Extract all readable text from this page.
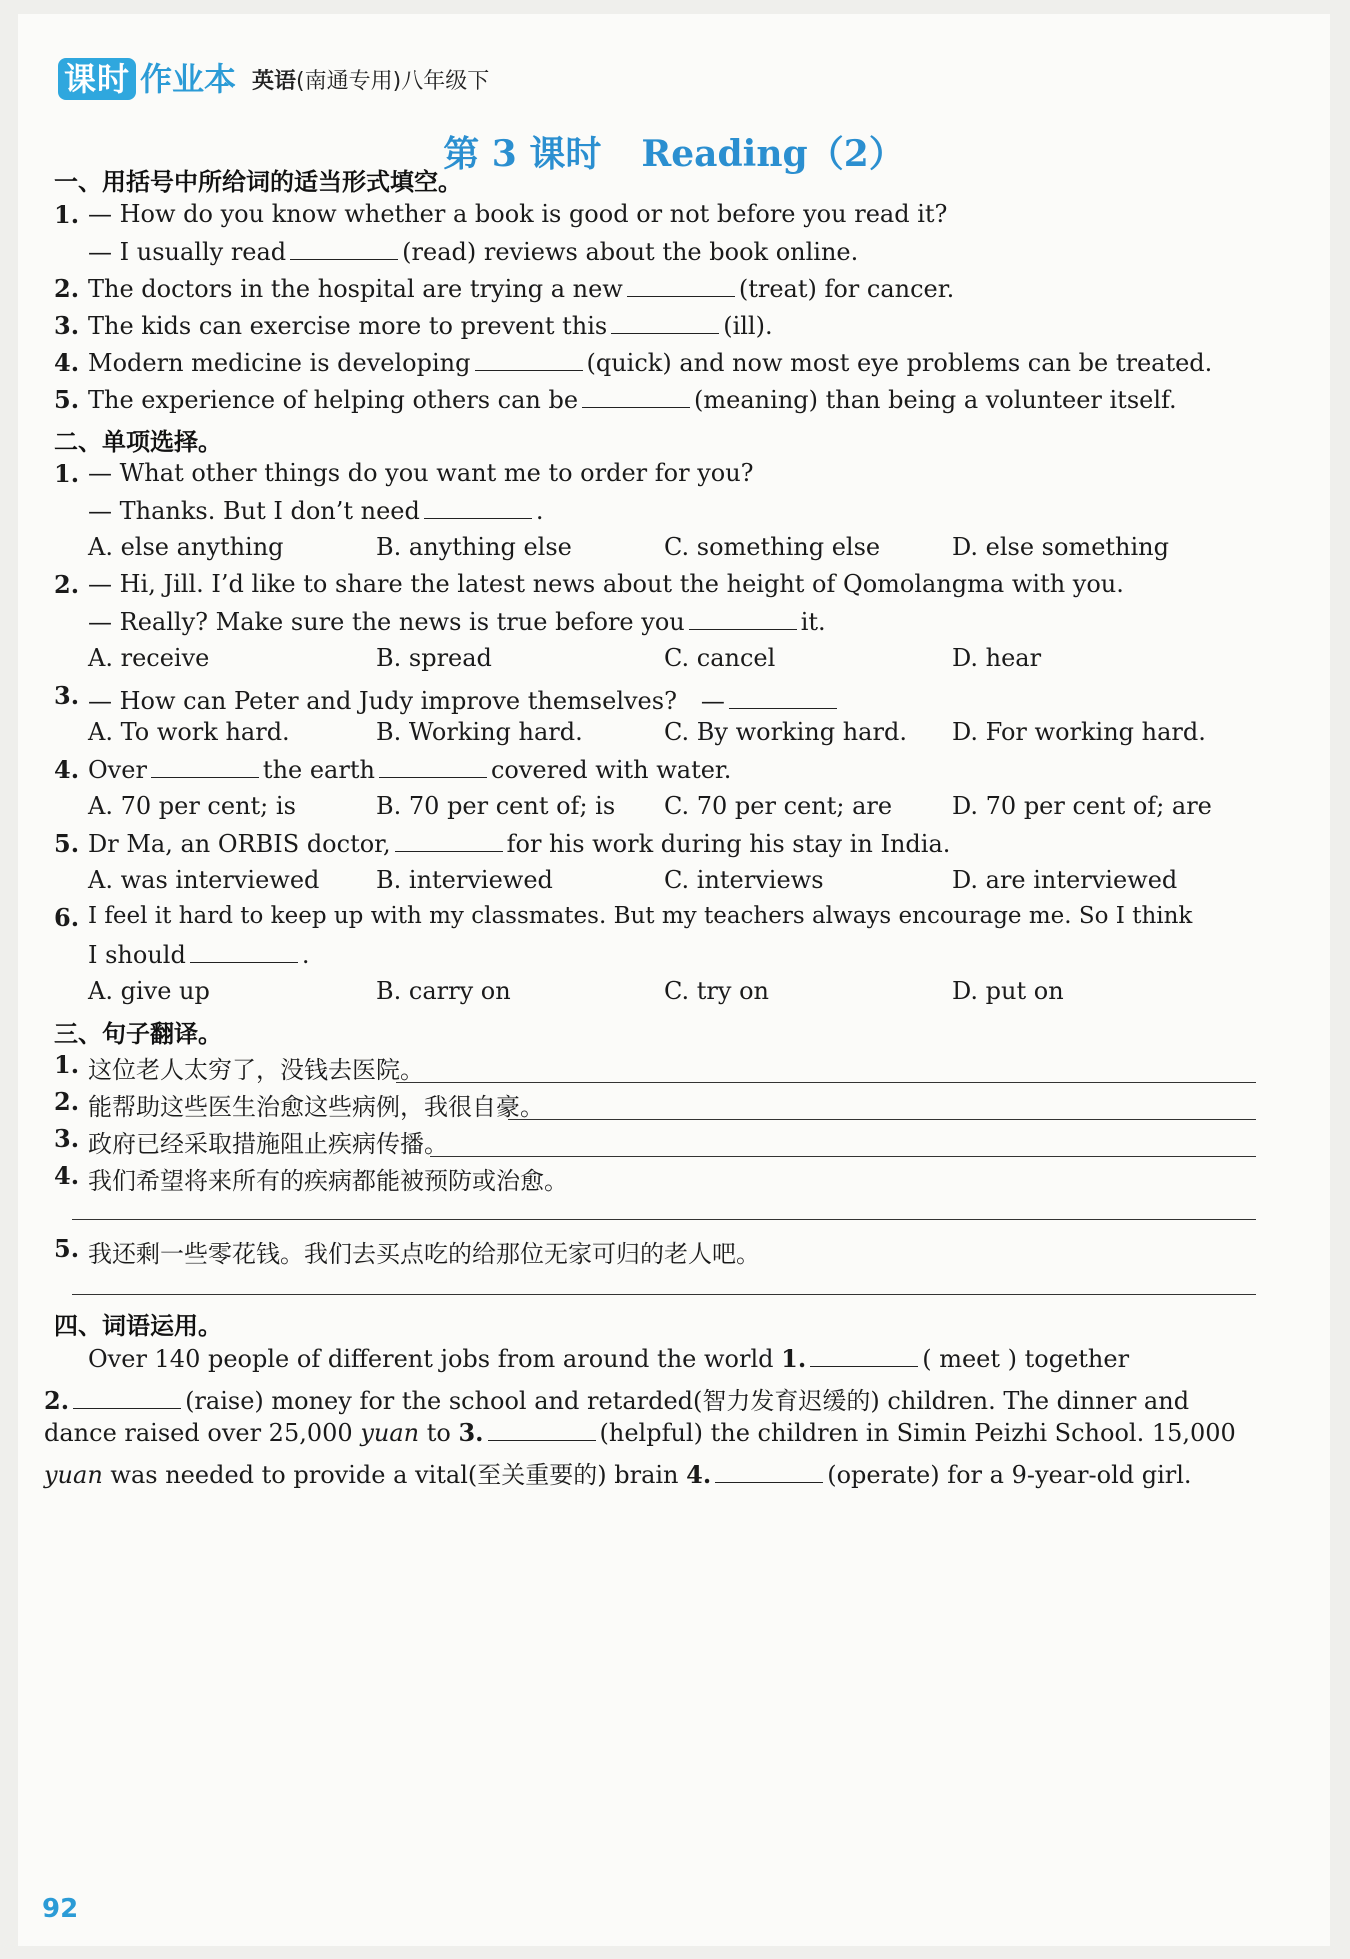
课时 作业本 英语(南通专用)八年级下
第 3 课时 Reading（2）
一、用括号中所给词的适当形式填空。
1. — How do you know whether a book is good or not before you read it?
— I usually read	(read) reviews about the book online.
2. The doctors in the hospital are trying a new	(treat) for cancer.
3. The kids can exercise more to prevent this	(ill).
4. Modern medicine is developing	(quick) and now most eye problems can be treated.
5. The experience of helping others can be	(meaning) than being a volunteer itself.
二、单项选择。
1. — What other things do you want me to order for you?
— Thanks. But I don’t need	.
A. else anything	B. anything else	C. something else	D. else something
2. — Hi, Jill. I’d like to share the latest news about the height of Qomolangma with you.
— Really? Make sure the news is true before you	it.
A. receive	B. spread	C. cancel	D. hear
3. — How can Peter and Judy improve themselves?　—
A. To work hard.	B. Working hard.	C. By working hard. D. For working hard.
4. Over	the earth	covered with water.
A. 70 per cent; is	B. 70 per cent of; is C. 70 per cent; are D. 70 per cent of; are
5. Dr Ma, an ORBIS doctor,	for his work during his stay in India.
A. was interviewed B. interviewed	C. interviews	D. are interviewed
6. I feel it hard to keep up with my classmates. But my teachers always encourage me. So I think
I should	.
A. give up	B. carry on	C. try on	D. put on
三、句子翻译。
1. 这位老人太穷了，没钱去医院。
2. 能帮助这些医生治愈这些病例，我很自豪。
3. 政府已经采取措施阻止疾病传播。
4. 我们希望将来所有的疾病都能被预防或治愈。
5. 我还剩一些零花钱。我们去买点吃的给那位无家可归的老人吧。
四、词语运用。
Over 140 people of different jobs from around the world 1.	( meet ) together
2.	(raise) money for the school and retarded(智力发育迟缓的) children. The dinner and
dance raised over 25,000 yuan to 3.	(helpful) the children in Simin Peizhi School. 15,000
yuan was needed to provide a vital(至关重要的) brain 4.	(operate) for a 9-year-old girl.
92
